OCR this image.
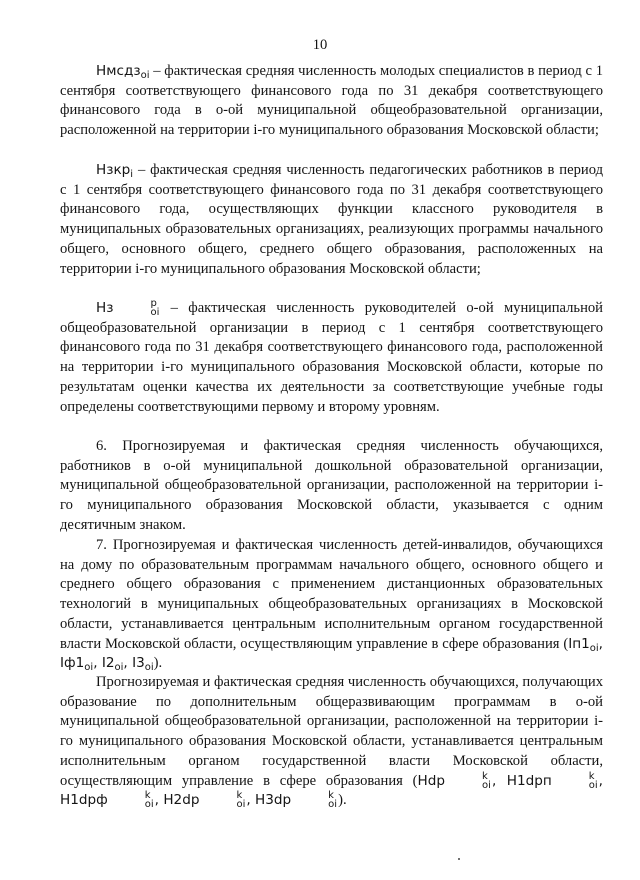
10

Нмсдз$_{oi}$ – фактическая средняя численность молодых специалистов в период с 1 сентября соответствующего финансового года по 31 декабря соответствующего финансового года в о-ой муниципальной общеобразовательной организации, расположенной на территории i-го муниципального образования Московской области;

Нзкр$_i$ – фактическая средняя численность педагогических работников в период с 1 сентября соответствующего финансового года по 31 декабря соответствующего финансового года, осуществляющих функции классного руководителя в муниципальных образовательных организациях, реализующих программы начального общего, основного общего, среднего общего образования, расположенных на территории i-го муниципального образования Московской области;

Нз	р
oi – фактическая численность руководителей о-ой муниципальной общеобразовательной организации в период с 1 сентября соответствующего финансового года по 31 декабря соответствующего финансового года, расположенной на территории i-го муниципального образования Московской области, которые по результатам оценки качества их деятельности за соответствующие учебные годы определены соответствующими первому и второму уровням.

6. Прогнозируемая и фактическая средняя численность обучающихся, работников в о-ой муниципальной дошкольной образовательной организации, муниципальной общеобразовательной организации, расположенной на территории i-го муниципального образования Московской области, указывается с одним десятичным знаком.

7. Прогнозируемая и фактическая численность детей-инвалидов, обучающихся на дому по образовательным программам начального общего, основного общего и среднего общего образования с применением дистанционных образовательных технологий в муниципальных общеобразовательных организациях в Московской области, устанавливается центральным исполнительным органом государственной власти Московской области, осуществляющим управление в сфере образования ($Iп1_{oi}$, $Iф1_{oi}$, $I2_{oi}$, $I3_{oi}$).

Прогнозируемая и фактическая средняя численность обучающихся, получающих образование по дополнительным общеразвивающим программам в о-ой муниципальной общеобразовательной организации, расположенной на территории i-го муниципального образования Московской области, устанавливается центральным исполнительным органом государственной власти Московской области, осуществляющим управление в сфере образования (Hdp	k
oi , H1dpп	k
oi , H1dpф	k
oi , H2dp	k
oi , H3dp	k
oi ).
